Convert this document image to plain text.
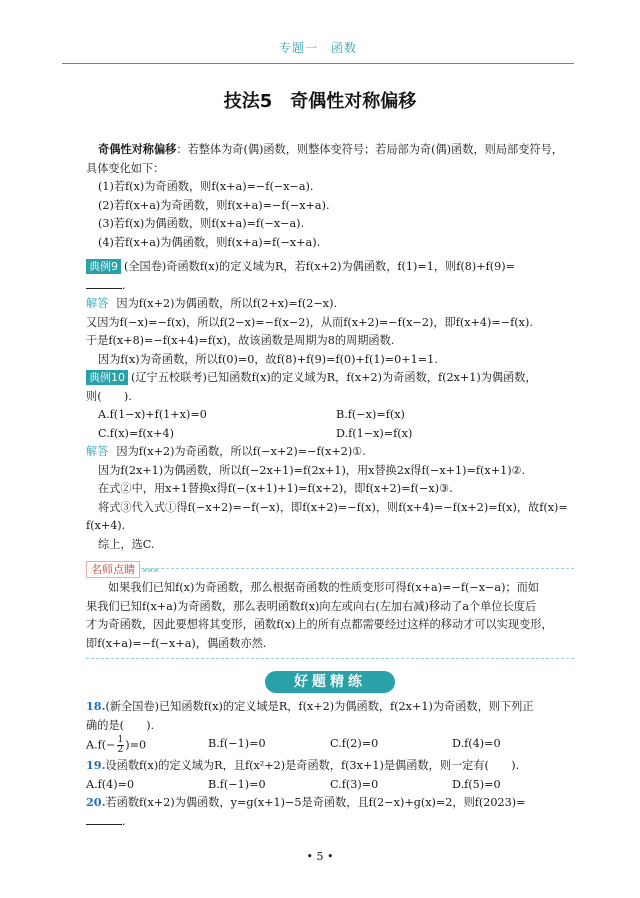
专题一　函数
技法5　奇偶性对称偏移
奇偶性对称偏移：若整体为奇(偶)函数，则整体变符号；若局部为奇(偶)函数，则局部变符号，
具体变化如下：
(1)若f(x)为奇函数，则f(x+a)=−f(−x−a).
(2)若f(x+a)为奇函数，则f(x+a)=−f(−x+a).
(3)若f(x)为偶函数，则f(x+a)=f(−x−a).
(4)若f(x+a)为偶函数，则f(x+a)=f(−x+a).
典例9 (全国卷)奇函数f(x)的定义域为R，若f(x+2)为偶函数，f(1)=1，则f(8)+f(9)=
.
解答 因为f(x+2)为偶函数，所以f(2+x)=f(2−x).
又因为f(−x)=−f(x)，所以f(2−x)=−f(x−2)，从而f(x+2)=−f(x−2)，即f(x+4)=−f(x).
于是f(x+8)=−f(x+4)=f(x)，故该函数是周期为8的周期函数.
因为f(x)为奇函数，所以f(0)=0，故f(8)+f(9)=f(0)+f(1)=0+1=1.
典例10 (辽宁五校联考)已知函数f(x)的定义域为R，f(x+2)为奇函数，f(2x+1)为偶函数，
则(　　).
A.f(1−x)+f(1+x)=0	B.f(−x)=f(x)
C.f(x)=f(x+4)	D.f(1−x)=f(x)
解答 因为f(x+2)为奇函数，所以f(−x+2)=−f(x+2)①.
因为f(2x+1)为偶函数，所以f(−2x+1)=f(2x+1)，用x替换2x得f(−x+1)=f(x+1)②.
在式②中，用x+1替换x得f(−(x+1)+1)=f(x+2)，即f(x+2)=f(−x)③.
将式③代入式①得f(−x+2)=−f(−x)，即f(x+2)=−f(x)，则f(x+4)=−f(x+2)=f(x)，故f(x)=
f(x+4).
综上，选C.
名师点睛 »»»
如果我们已知f(x)为奇函数，那么根据奇函数的性质变形可得f(x+a)=−f(−x−a)；而如
果我们已知f(x+a)为奇函数，那么表明函数f(x)向左或向右(左加右减)移动了a个单位长度后
才为奇函数，因此要想将其变形，函数f(x)上的所有点都需要经过这样的移动才可以实现变形，
即f(x+a)=−f(−x+a)，偶函数亦然.
好题精练
18.(新全国卷)已知函数f(x)的定义域是R，f(x+2)为偶函数，f(2x+1)为奇函数，则下列正
确的是(　　).
$A.f(- \frac{1}{2} )=0$	B.f(−1)=0	C.f(2)=0	D.f(4)=0
19.设函数f(x)的定义域为R，且f(x²+2)是奇函数，f(3x+1)是偶函数，则一定有(　　).
A.f(4)=0	B.f(−1)=0	C.f(3)=0	D.f(5)=0
20.若函数f(x+2)为偶函数，y=g(x+1)−5是奇函数，且f(2−x)+g(x)=2，则f(2023)=
.
• 5 •
